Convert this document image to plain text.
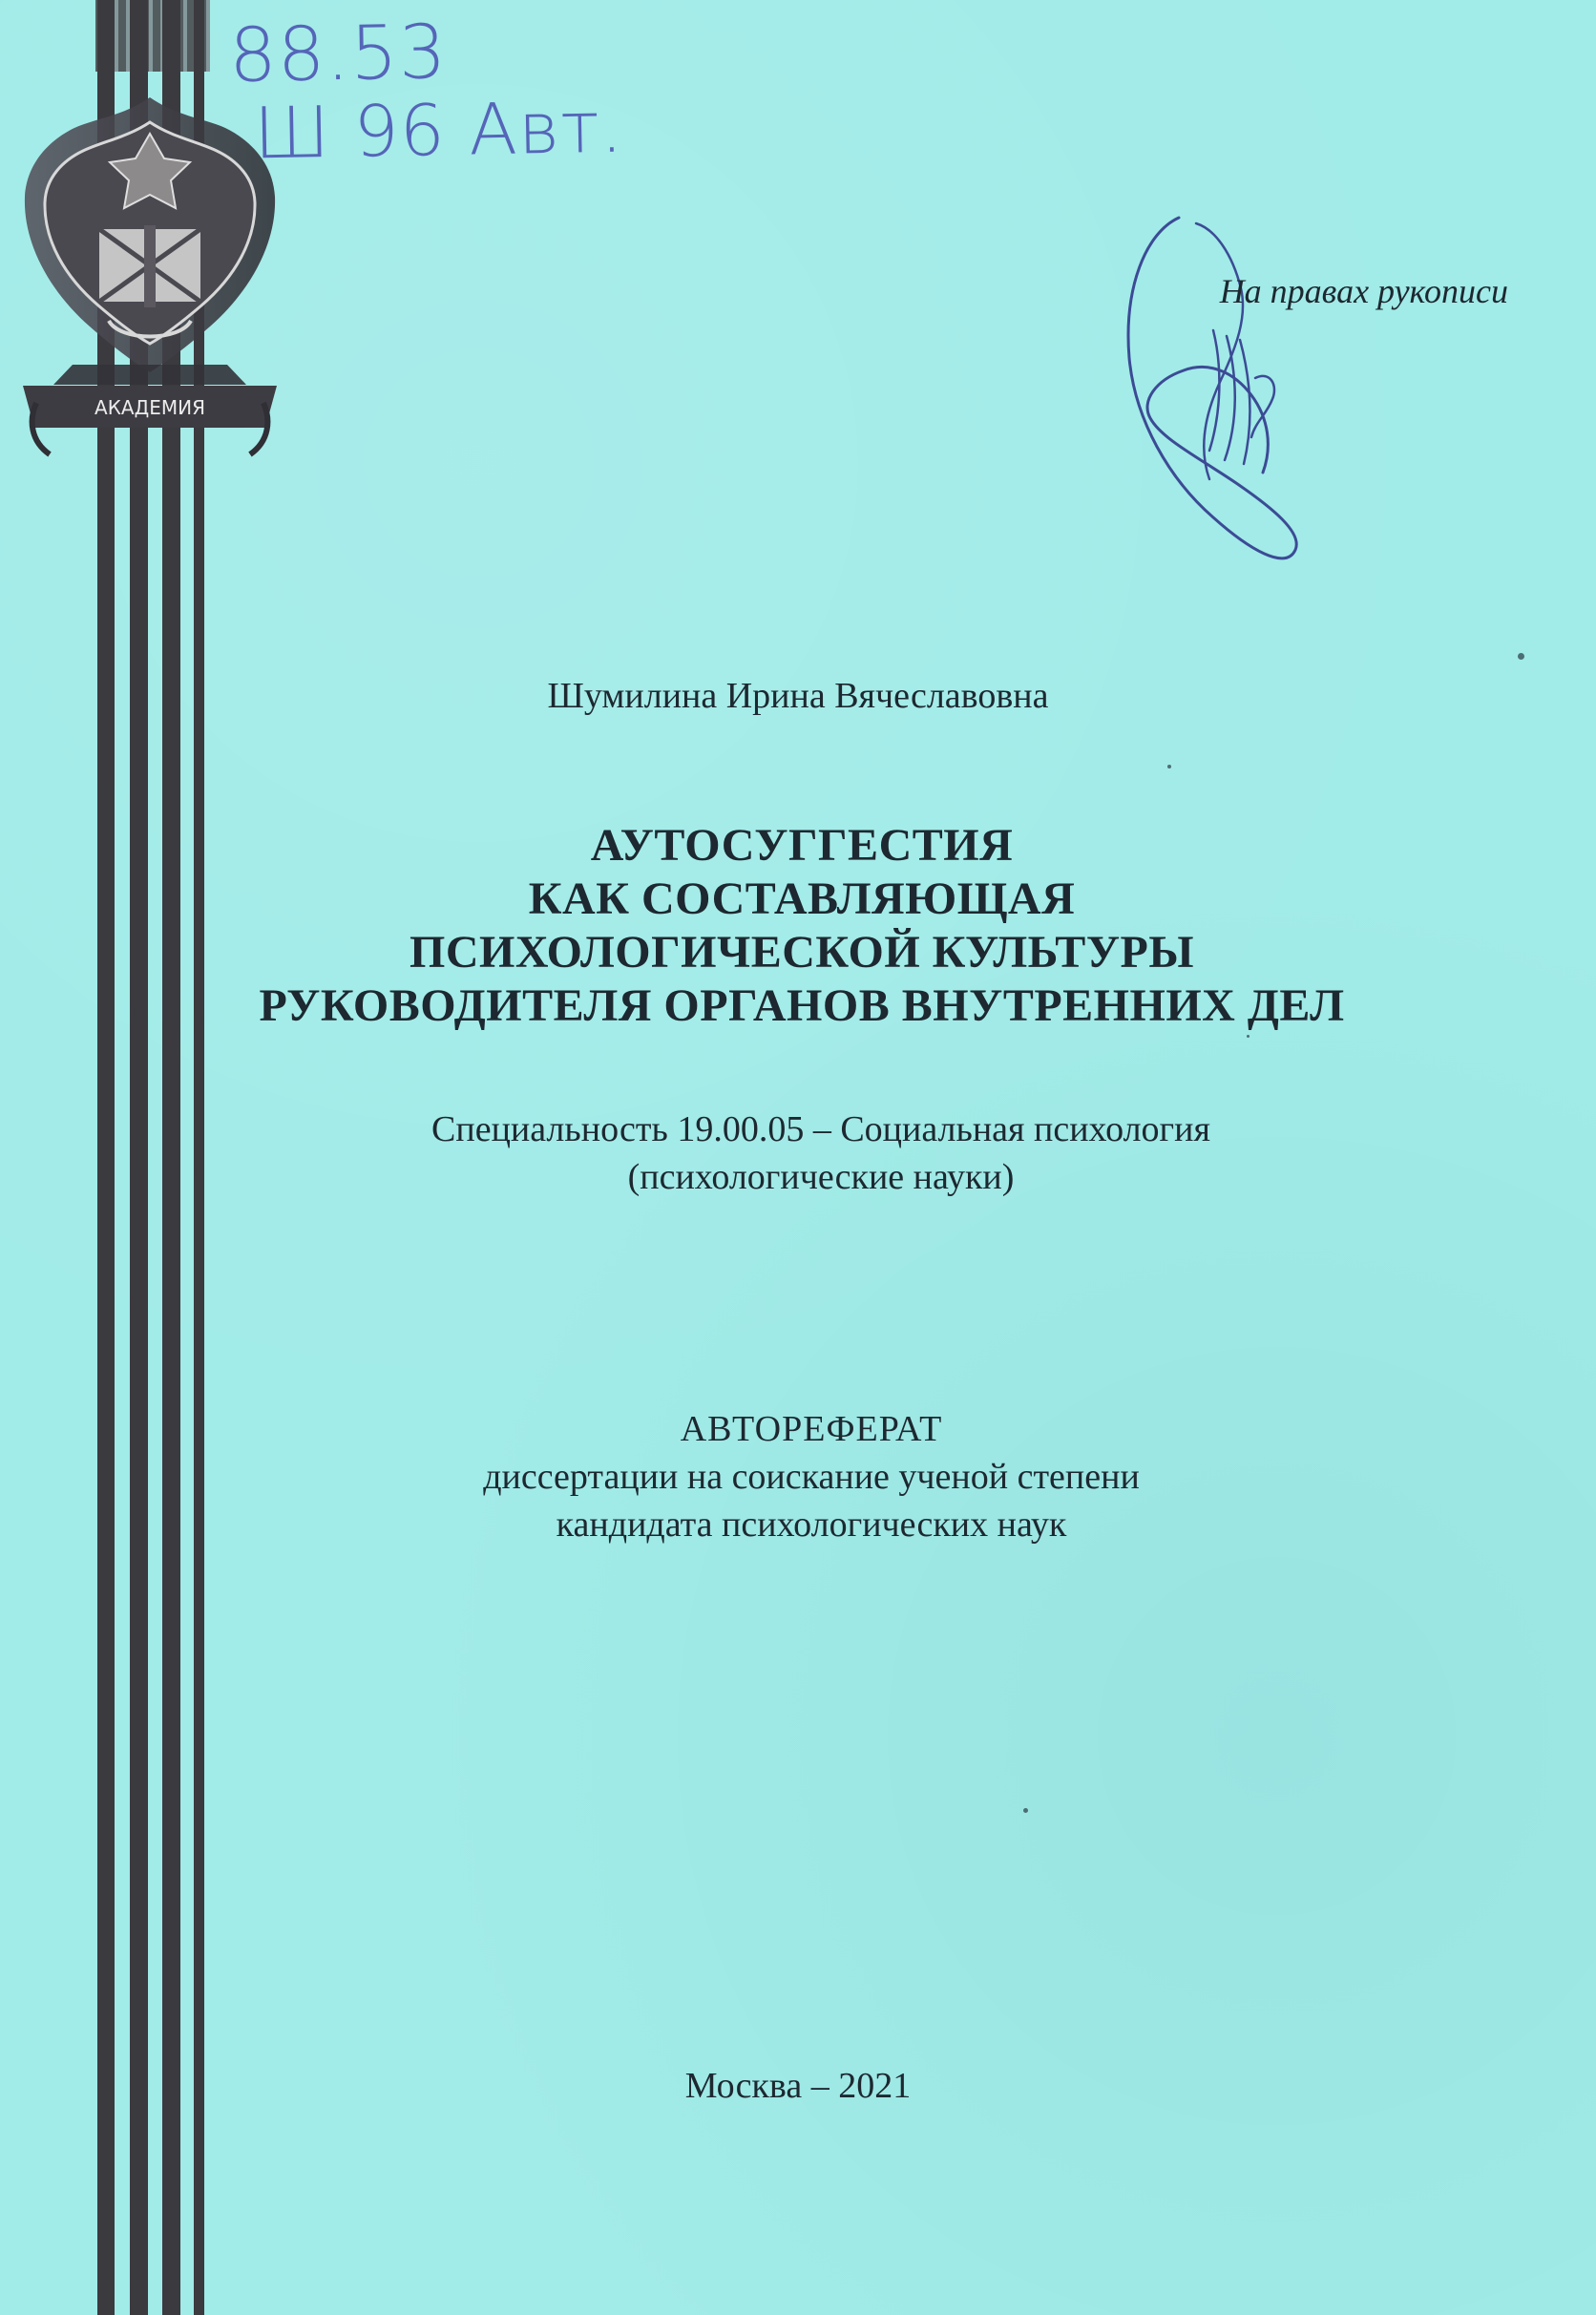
АКАДЕМИЯ
88.53
Ш 96 Авт.
На правах рукописи
Шумилина Ирина Вячеславовна
АУТОСУГГЕСТИЯ
КАК СОСТАВЛЯЮЩАЯ
ПСИХОЛОГИЧЕСКОЙ КУЛЬТУРЫ
РУКОВОДИТЕЛЯ ОРГАНОВ ВНУТРЕННИХ ДЕЛ
Специальность 19.00.05 – Социальная психология
(психологические науки)
АВТОРЕФЕРАТ
диссертации на соискание ученой степени
кандидата психологических наук
Москва – 2021
